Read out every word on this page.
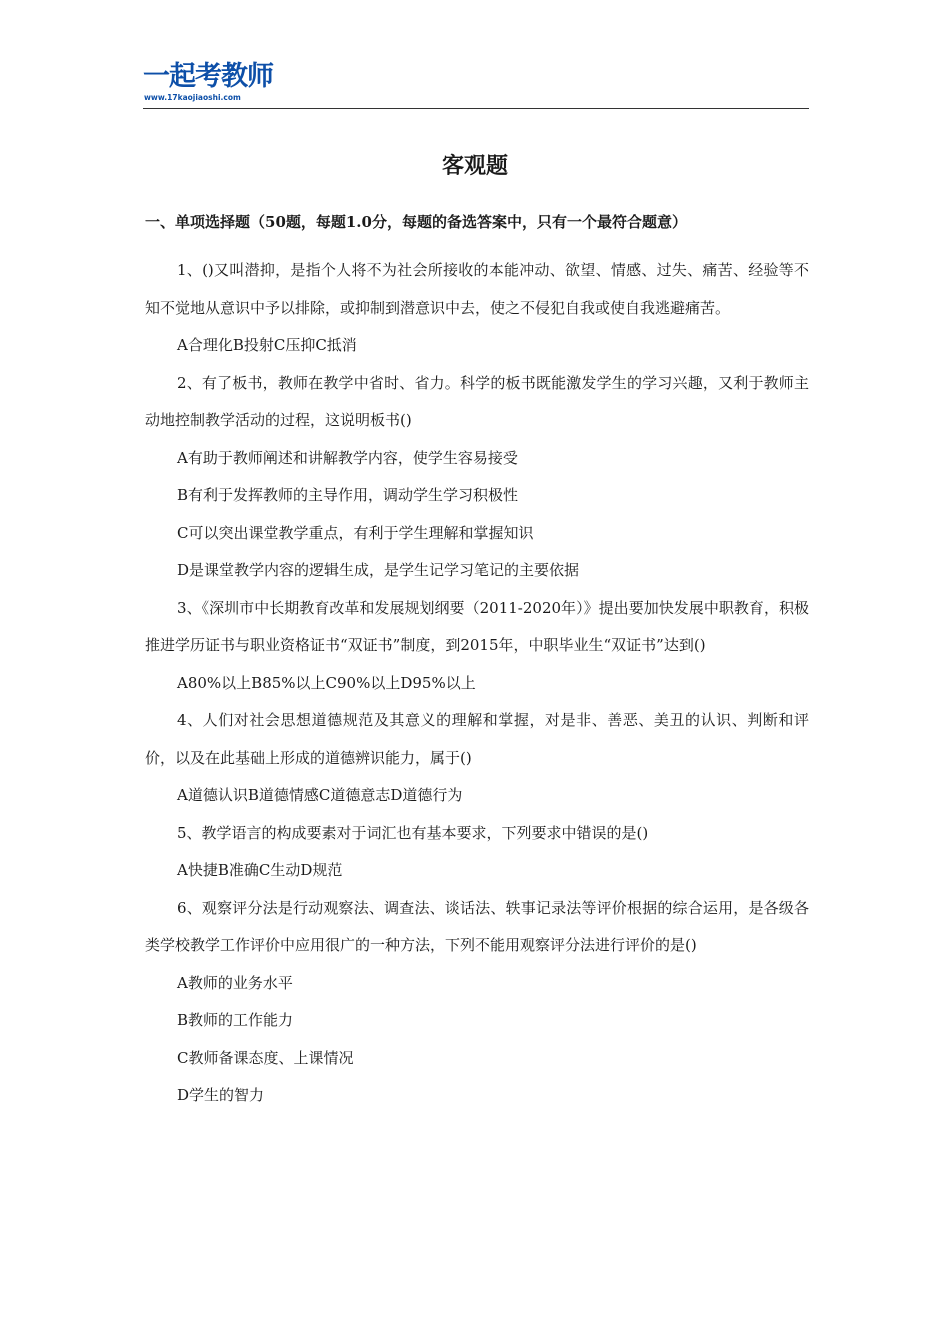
一起考教师
www.17kaojiaoshi.com
客观题
一、单项选择题（50题，每题1.0分，每题的备选答案中，只有一个最符合题意）

1、()又叫潜抑，是指个人将不为社会所接收的本能冲动、欲望、情感、过失、痛苦、经验等不知不觉地从意识中予以排除，或抑制到潜意识中去，使之不侵犯自我或使自我逃避痛苦。

A合理化B投射C压抑C抵消

2、有了板书，教师在教学中省时、省力。科学的板书既能激发学生的学习兴趣，又利于教师主动地控制教学活动的过程，这说明板书()

A有助于教师阐述和讲解教学内容，使学生容易接受

B有利于发挥教师的主导作用，调动学生学习积极性

C可以突出课堂教学重点，有利于学生理解和掌握知识

D是课堂教学内容的逻辑生成，是学生记学习笔记的主要依据

3、《深圳市中长期教育改革和发展规划纲要（2011-2020年）》提出要加快发展中职教育，积极推进学历证书与职业资格证书“双证书”制度，到2015年，中职毕业生“双证书”达到()

A80%以上B85%以上C90%以上D95%以上

4、人们对社会思想道德规范及其意义的理解和掌握，对是非、善恶、美丑的认识、判断和评价，以及在此基础上形成的道德辨识能力，属于()

A道德认识B道德情感C道德意志D道德行为

5、教学语言的构成要素对于词汇也有基本要求，下列要求中错误的是()

A快捷B准确C生动D规范

6、观察评分法是行动观察法、调查法、谈话法、轶事记录法等评价根据的综合运用，是各级各类学校教学工作评价中应用很广的一种方法，下列不能用观察评分法进行评价的是()

A教师的业务水平

B教师的工作能力

C教师备课态度、上课情况

D学生的智力
